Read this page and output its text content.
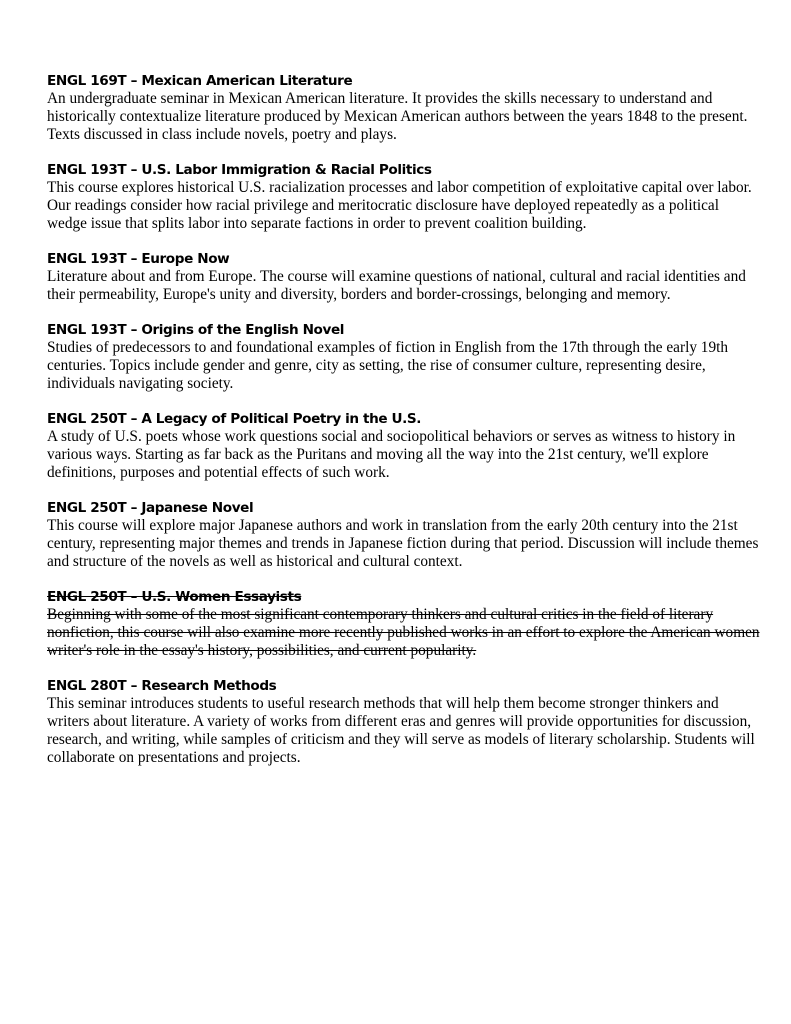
ENGL 169T – Mexican American Literature

An undergraduate seminar in Mexican American literature. It provides the skills necessary to understand and historically contextualize literature produced by Mexican American authors between the years 1848 to the present. Texts discussed in class include novels, poetry and plays.

ENGL 193T – U.S. Labor Immigration & Racial Politics

This course explores historical U.S. racialization processes and labor competition of exploitative capital over labor. Our readings consider how racial privilege and meritocratic disclosure have deployed repeatedly as a political wedge issue that splits labor into separate factions in order to prevent coalition building.

ENGL 193T – Europe Now

Literature about and from Europe. The course will examine questions of national, cultural and racial identities and their permeability, Europe's unity and diversity, borders and border-crossings, belonging and memory.

ENGL 193T – Origins of the English Novel

Studies of predecessors to and foundational examples of fiction in English from the 17th through the early 19th centuries. Topics include gender and genre, city as setting, the rise of consumer culture, representing desire, individuals navigating society.

ENGL 250T – A Legacy of Political Poetry in the U.S.

A study of U.S. poets whose work questions social and sociopolitical behaviors or serves as witness to history in various ways. Starting as far back as the Puritans and moving all the way into the 21st century, we'll explore definitions, purposes and potential effects of such work.

ENGL 250T – Japanese Novel

This course will explore major Japanese authors and work in translation from the early 20th century into the 21st century, representing major themes and trends in Japanese fiction during that period. Discussion will include themes and structure of the novels as well as historical and cultural context.

ENGL 250T – U.S. Women Essayists

Beginning with some of the most significant contemporary thinkers and cultural critics in the field of literary nonfiction, this course will also examine more recently published works in an effort to explore the American women writer's role in the essay's history, possibilities, and current popularity.

ENGL 280T – Research Methods

This seminar introduces students to useful research methods that will help them become stronger thinkers and writers about literature. A variety of works from different eras and genres will provide opportunities for discussion, research, and writing, while samples of criticism and they will serve as models of literary scholarship. Students will collaborate on presentations and projects.
